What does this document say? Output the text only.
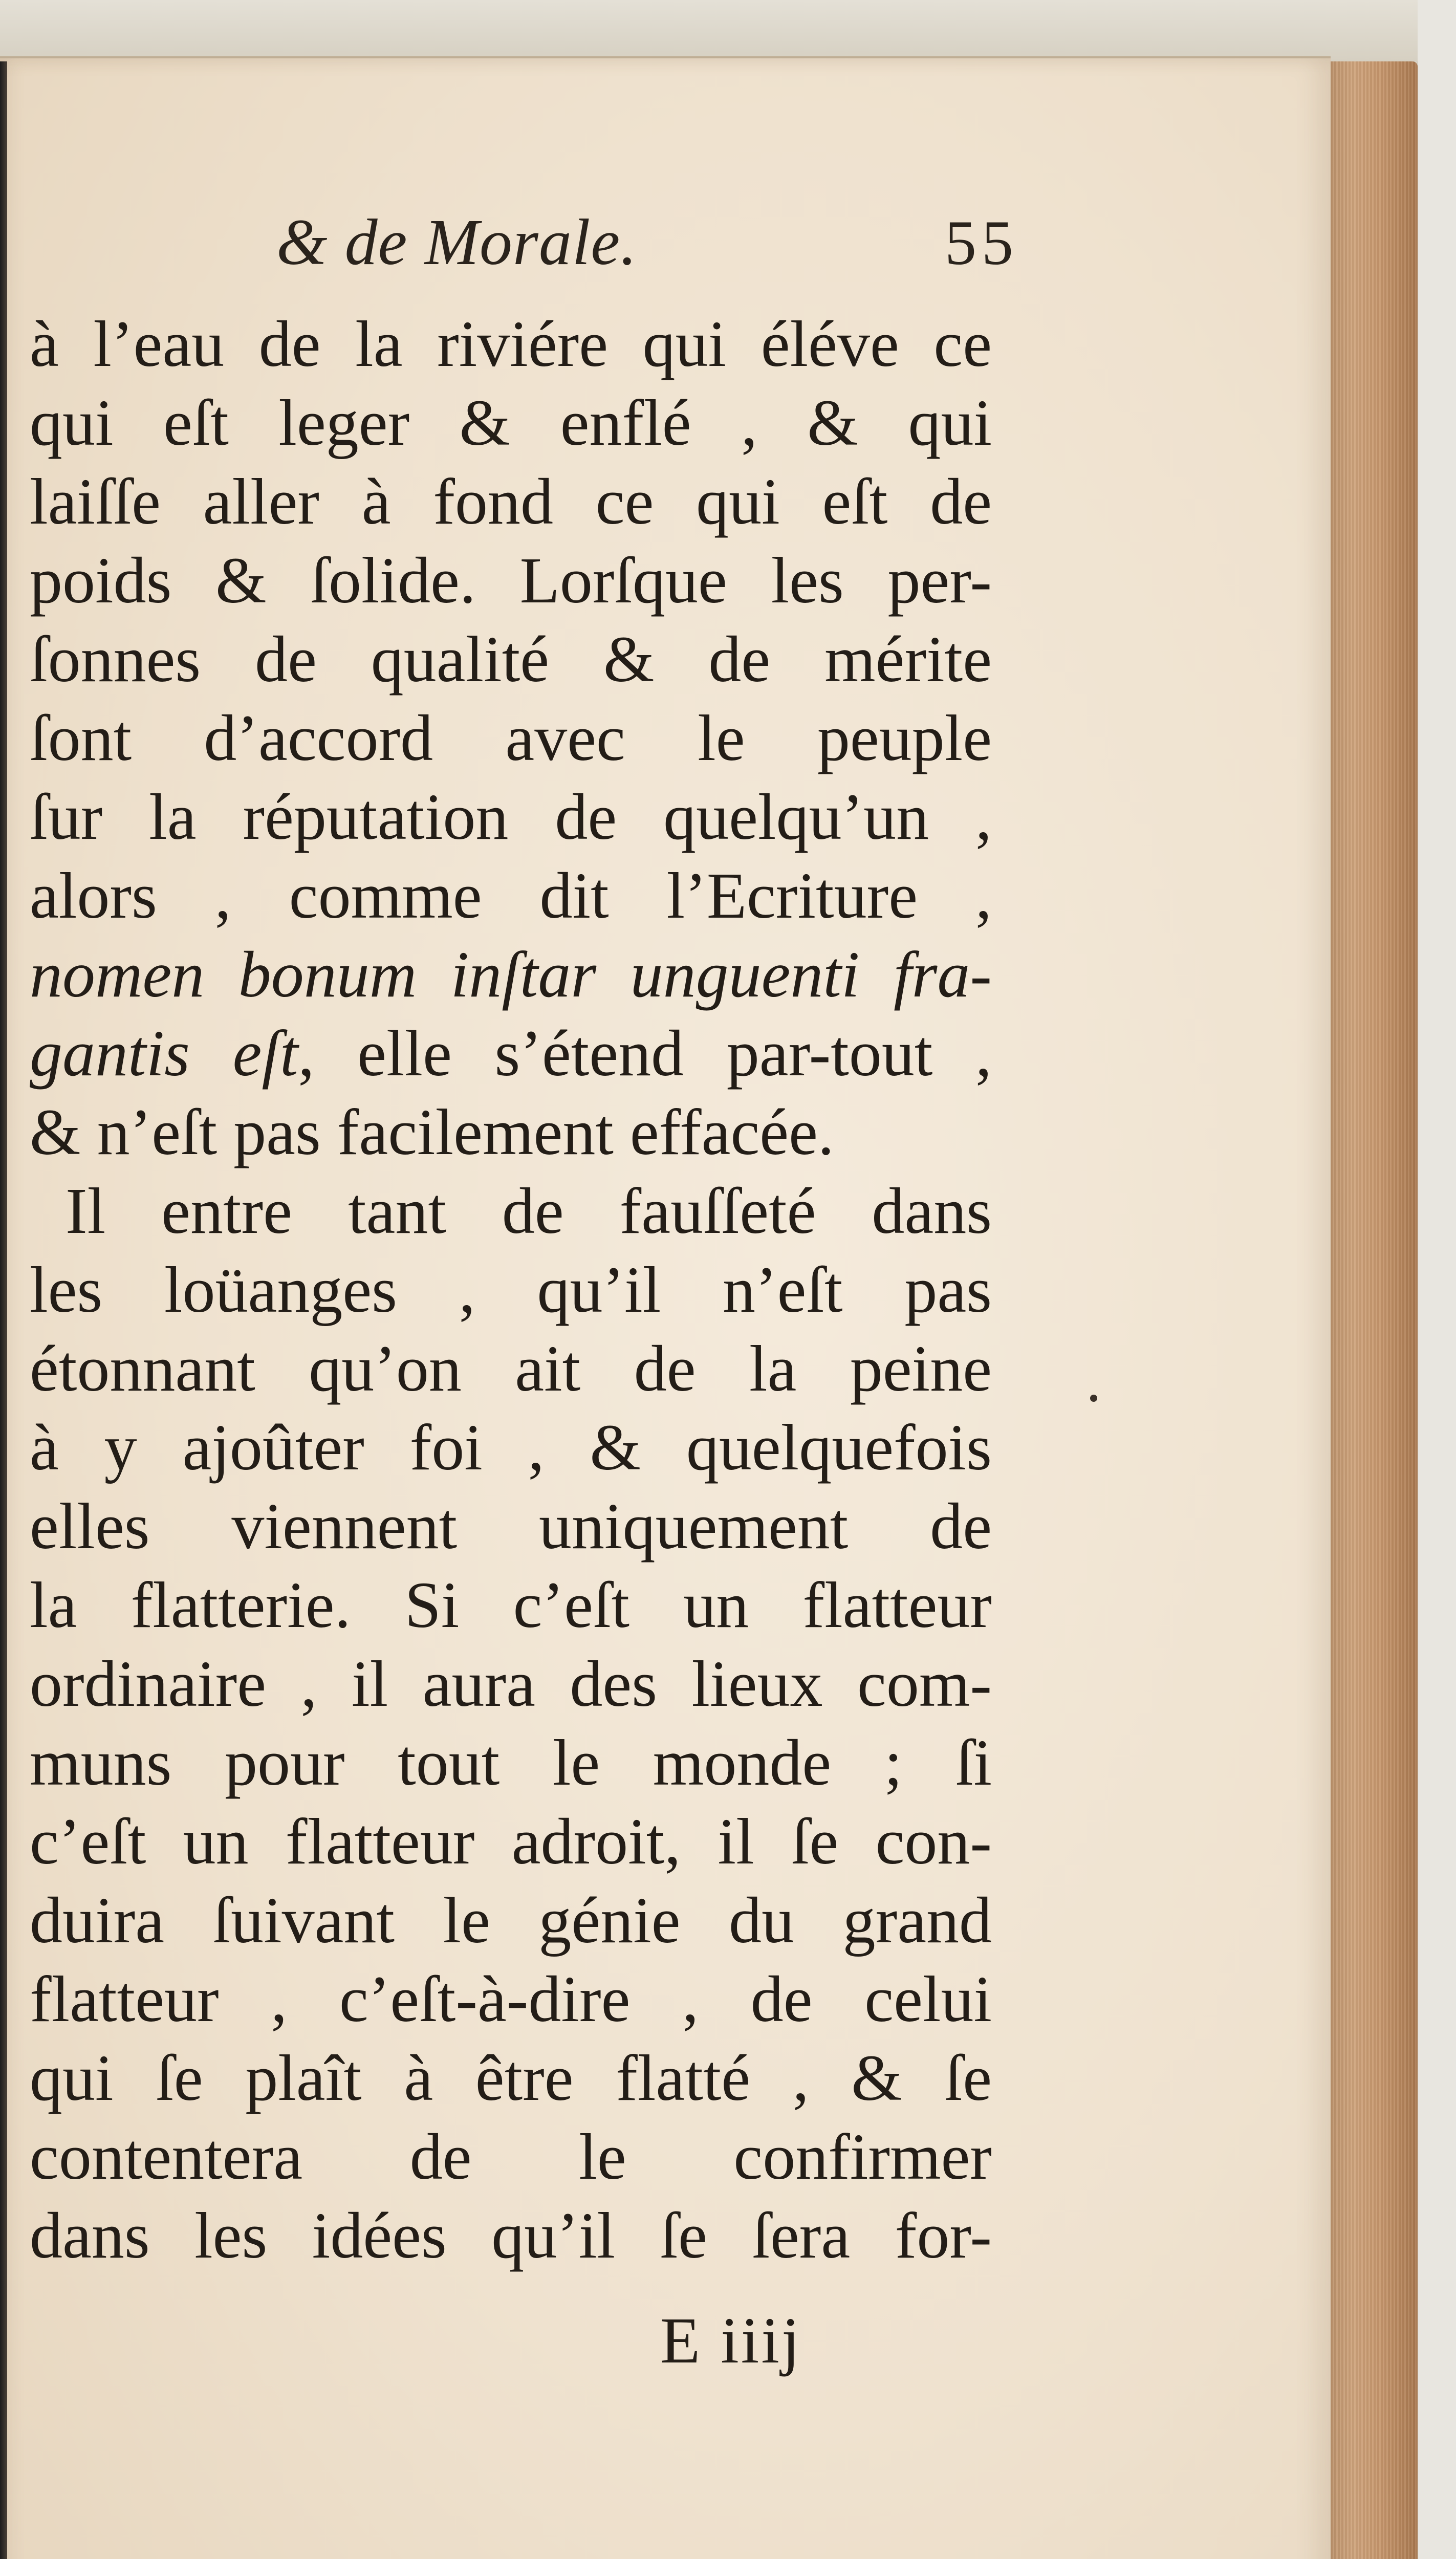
& de Morale.	55
à l’eau de la riviére qui éléve ce
qui eſt leger & enflé , & qui
laiſſe aller à fond ce qui eſt de
poids & ſolide. Lorſque les per-
ſonnes de qualité & de mérite
ſont d’accord avec le peuple
ſur la réputation de quelqu’un ,
alors , comme dit l’Ecriture ,
nomen bonum inſtar unguenti fra-
gantis eſt, elle s’étend par-tout ,
& n’eſt pas facilement effacée.
Il entre tant de fauſſeté dans
les loüanges , qu’il n’eſt pas
étonnant qu’on ait de la peine
à y ajoûter foi , & quelquefois
elles viennent uniquement de
la flatterie. Si c’eſt un flatteur
ordinaire , il aura des lieux com-
muns pour tout le monde ; ſi
c’eſt un flatteur adroit, il ſe con-
duira ſuivant le génie du grand
flatteur , c’eſt-à-dire , de celui
qui ſe plaît à être flatté , & ſe
contentera de le confirmer
dans les idées qu’il ſe ſera for-
E iiij
